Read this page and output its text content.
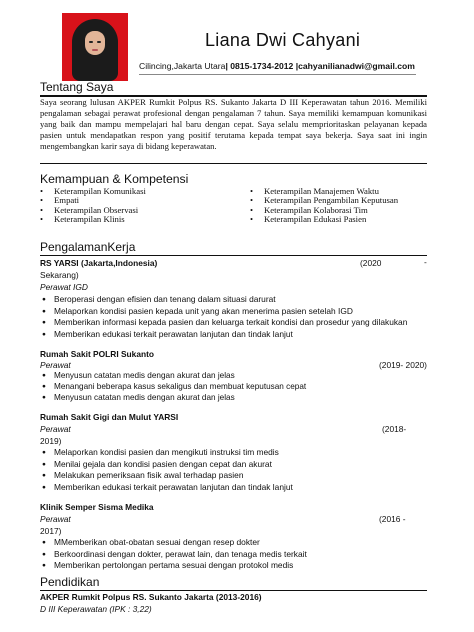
Liana Dwi Cahyani
Cilincing,Jakarta Utara| 0815-1734-2012 |cahyanilianadwi@gmail.com
Tentang Saya
Saya seorang lulusan AKPER Rumkit Polpus RS. Sukanto Jakarta D III Keperawatan tahun 2016. Memiliki pengalaman sebagai perawat profesional dengan pengalaman 7 tahun. Saya memiliki kemampuan komunikasi yang baik dan mampu mempelajari hal baru dengan cepat. Saya selalu memprioritaskan pelayanan kepada pasien untuk mendapatkan respon yang positif terutama kepada tempat saya bekerja. Saya saat ini ingin mengembangkan karir saya di bidang keperawatan.
Kemampuan & Kompetensi
• Keterampilan Komunikasi
• Empati
• Keterampilan Observasi
• Keterampilan Klinis
• Keterampilan Manajemen Waktu
• Keterampilan Pengambilan Keputusan
• Keterampilan Kolaborasi Tim
• Keterampilan Edukasi Pasien
PengalamanKerja
RS YARSI (Jakarta,Indonesia)	(2020	-
Sekarang)
Perawat IGD
● Beroperasi dengan efisien dan tenang dalam situasi darurat
● Melaporkan kondisi pasien kepada unit yang akan menerima pasien setelah IGD
● Memberikan informasi kepada pasien dan keluarga terkait kondisi dan prosedur yang dilakukan
● Memberikan edukasi terkait perawatan lanjutan dan tindak lanjut
Rumah Sakit POLRI Sukanto
Perawat	(2019- 2020)
● Menyusun catatan medis dengan akurat dan jelas
● Menangani beberapa kasus sekaligus dan membuat keputusan cepat
● Menyusun catatan medis dengan akurat dan jelas
Rumah Sakit Gigi dan Mulut YARSI
Perawat	(2018-
2019)
● Melaporkan kondisi pasien dan mengikuti instruksi tim medis
● Menilai gejala dan kondisi pasien dengan cepat dan akurat
● Melakukan pemeriksaan fisik awal terhadap pasien
● Memberikan edukasi terkait perawatan lanjutan dan tindak lanjut
Klinik Semper Sisma Medika
Perawat	(2016 -
2017)
● MMemberikan obat-obatan sesuai dengan resep dokter
● Berkoordinasi dengan dokter, perawat lain, dan tenaga medis terkait
● Memberikan pertolongan pertama sesuai dengan protokol medis
Pendidikan
AKPER Rumkit Polpus RS. Sukanto Jakarta (2013-2016)
D III Keperawatan (IPK : 3,22)
